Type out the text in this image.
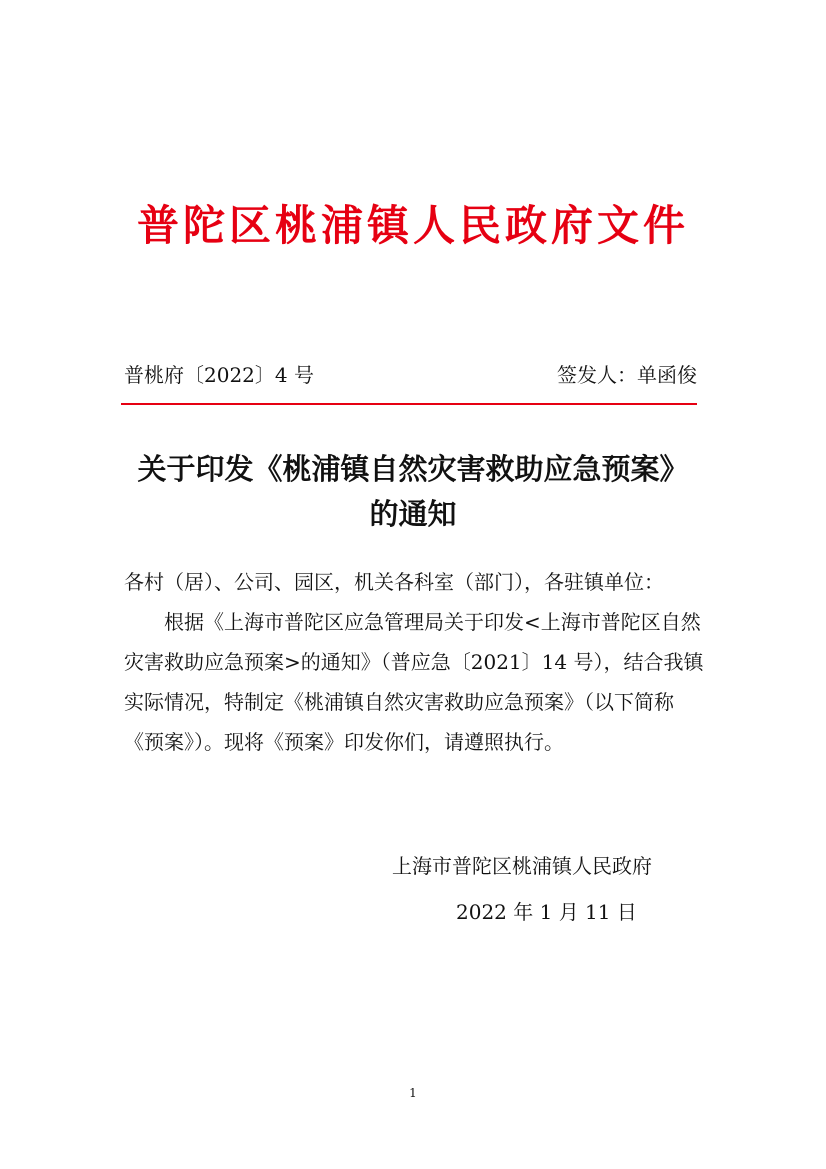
普陀区桃浦镇人民政府文件
普桃府〔2022〕4 号	签发人：单函俊
关于印发《桃浦镇自然灾害救助应急预案》
的通知
各村（居）、公司、园区，机关各科室（部门），各驻镇单位：
根据《上海市普陀区应急管理局关于印发<上海市普陀区自然灾害救助应急预案>的通知》（普应急〔2021〕14 号），结合我镇实际情况，特制定《桃浦镇自然灾害救助应急预案》（以下简称《预案》）。现将《预案》印发你们，请遵照执行。
上海市普陀区桃浦镇人民政府
2022 年 1 月 11 日
1
